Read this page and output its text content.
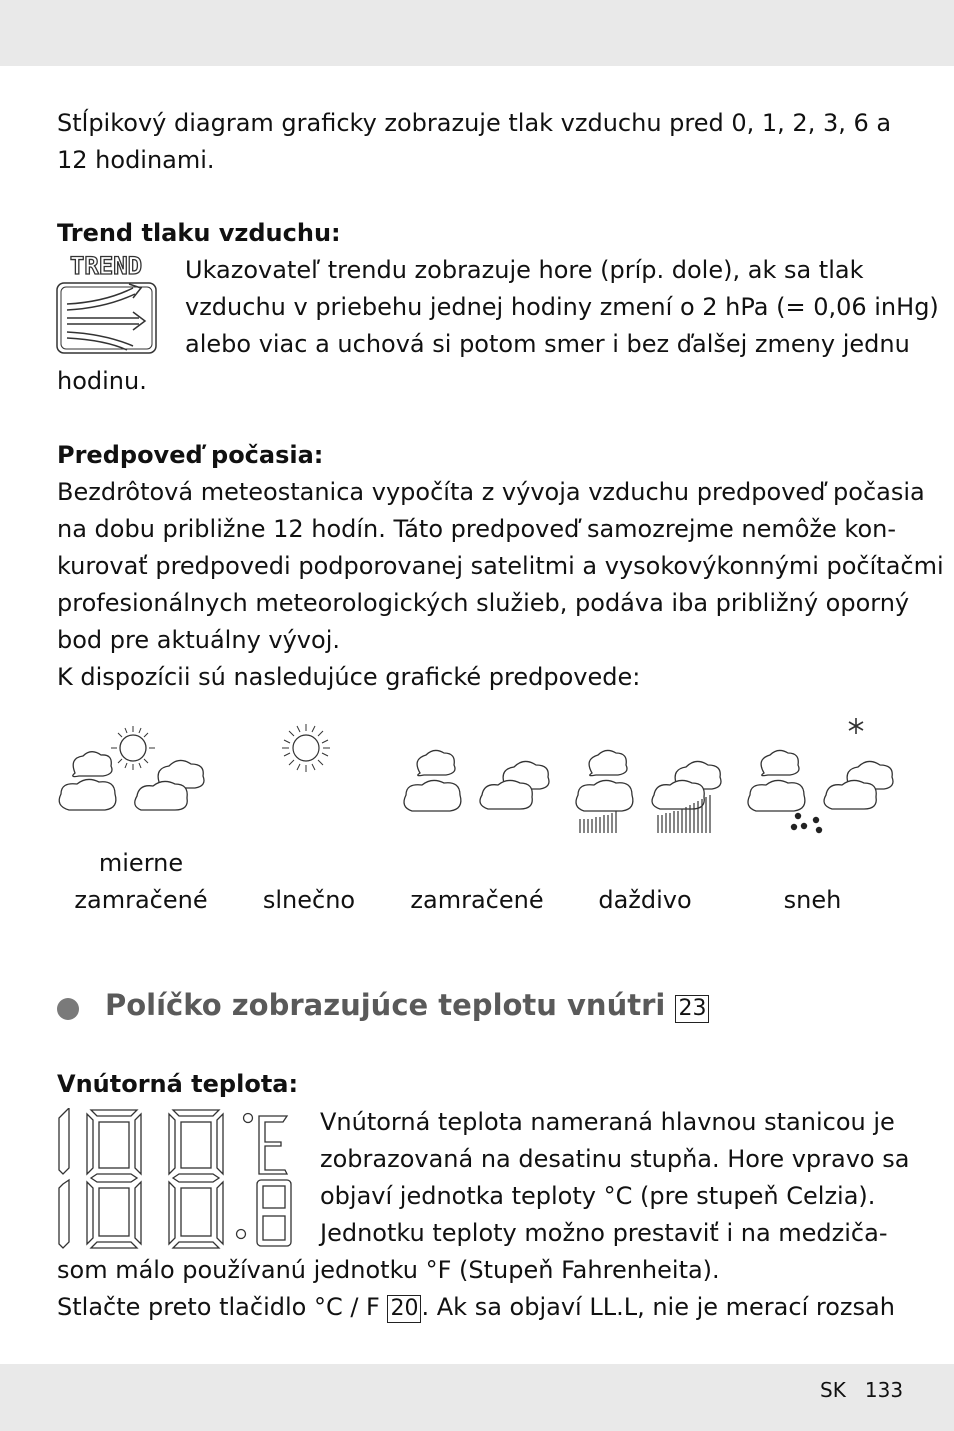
Stĺpikový diagram graficky zobrazuje tlak vzduchu pred 0, 1, 2, 3, 6 a
12 hodinami.
Trend tlaku vzduchu:
TREND Ukazovateľ trendu zobrazuje hore (príp. dole), ak sa tlak
vzduchu v priebehu jednej hodiny zmení o 2 hPa (= 0,06 inHg)
alebo viac a uchová si potom smer i bez ďalšej zmeny jednu
hodinu.
Predpoveď počasia:
Bezdrôtová meteostanica vypočíta z vývoja vzduchu predpoveď počasia
na dobu približne 12 hodín. Táto predpoveď samozrejme nemôže kon-
kurovať predpovedi podporovanej satelitmi a vysokovýkonnými počítačmi
profesionálnych meteorologických služieb, podáva iba približný oporný
bod pre aktuálny vývoj.
K dispozícii sú nasledujúce grafické predpovede:
mierne
zamračené	slnečno	zamračené	daždivo	sneh
Políčko zobrazujúce teplotu vnútri 23
Vnútorná teplota:
Vnútorná teplota nameraná hlavnou stanicou je
zobrazovaná na desatinu stupňa. Hore vpravo sa
objaví jednotka teploty °C (pre stupeň Celzia).
Jednotku teploty možno prestaviť i na medziča-
som málo používanú jednotku °F (Stupeň Fahrenheita).
Stlačte preto tlačidlo °C / F 20 . Ak sa objaví LL.L, nie je merací rozsah
SK 133
